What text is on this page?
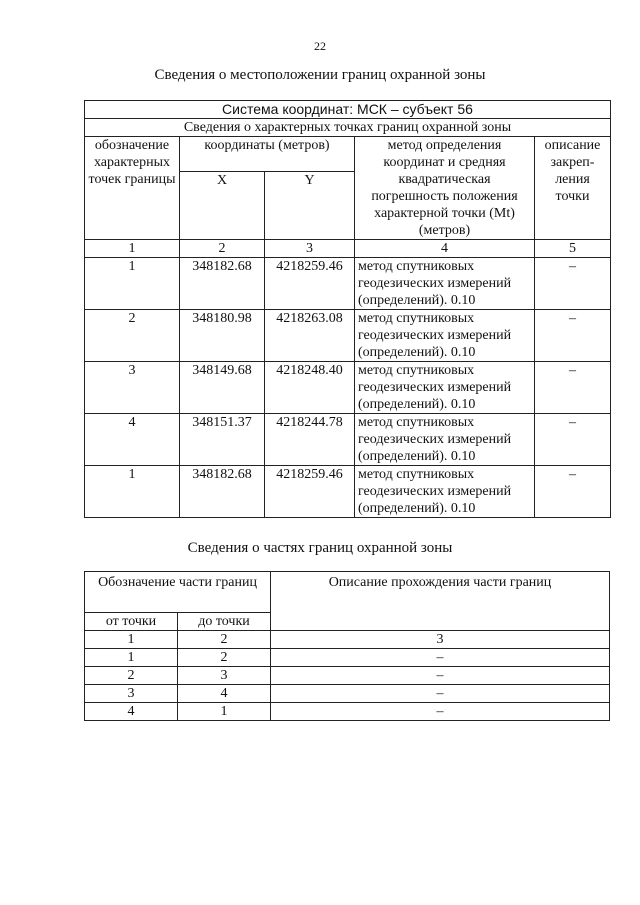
22
Сведения о местоположении границ охранной зоны
Система координат: МСК – субъект 56				
Сведения о характерных точках границ охранной зоны				
обозначение характерных точек границы	координаты (метров)		метод определения координат и средняя квадратическая погрешность положения характерной точки (Mt) (метров)	описание закреп-ления точки
	X	Y		
1	2	3	4	5
1	348182.68	4218259.46	метод спутниковых геодезических измерений (определений). 0.10	–
2	348180.98	4218263.08	метод спутниковых геодезических измерений (определений). 0.10	–
3	348149.68	4218248.40	метод спутниковых геодезических измерений (определений). 0.10	–
4	348151.37	4218244.78	метод спутниковых геодезических измерений (определений). 0.10	–
1	348182.68	4218259.46	метод спутниковых геодезических измерений (определений). 0.10	–
Сведения о частях границ охранной зоны
Обозначение части границ		Описание прохождения части границ
от точки	до точки	
1	2	3
1	2	–
2	3	–
3	4	–
4	1	–
